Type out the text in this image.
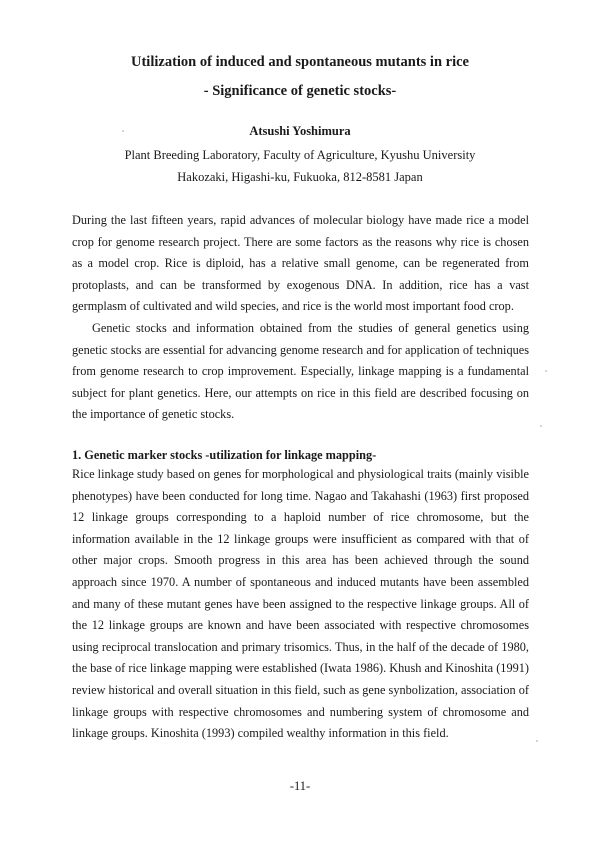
Utilization of induced and spontaneous mutants in rice
- Significance of genetic stocks-
Atsushi Yoshimura
Plant Breeding Laboratory, Faculty of Agriculture, Kyushu University
Hakozaki, Higashi-ku, Fukuoka, 812-8581 Japan

During the last fifteen years, rapid advances of molecular biology have made rice a model crop for genome research project. There are some factors as the reasons why rice is chosen as a model crop. Rice is diploid, has a relative small genome, can be regenerated from protoplasts, and can be transformed by exogenous DNA. In addition, rice has a vast germplasm of cultivated and wild species, and rice is the world most important food crop.

Genetic stocks and information obtained from the studies of general genetics using genetic stocks are essential for advancing genome research and for application of techniques from genome research to crop improvement. Especially, linkage mapping is a fundamental subject for plant genetics. Here, our attempts on rice in this field are described focusing on the importance of genetic stocks.

1. Genetic marker stocks -utilization for linkage mapping-

Rice linkage study based on genes for morphological and physiological traits (mainly visible phenotypes) have been conducted for long time. Nagao and Takahashi (1963) first proposed 12 linkage groups corresponding to a haploid number of rice chromosome, but the information available in the 12 linkage groups were insufficient as compared with that of other major crops. Smooth progress in this area has been achieved through the sound approach since 1970. A number of spontaneous and induced mutants have been assembled and many of these mutant genes have been assigned to the respective linkage groups. All of the 12 linkage groups are known and have been associated with respective chromosomes using reciprocal translocation and primary trisomics. Thus, in the half of the decade of 1980, the base of rice linkage mapping were established (Iwata 1986). Khush and Kinoshita (1991) review historical and overall situation in this field, such as gene synbolization, association of linkage groups with respective chromosomes and numbering system of chromosome and linkage groups. Kinoshita (1993) compiled wealthy information in this field.

-11-
